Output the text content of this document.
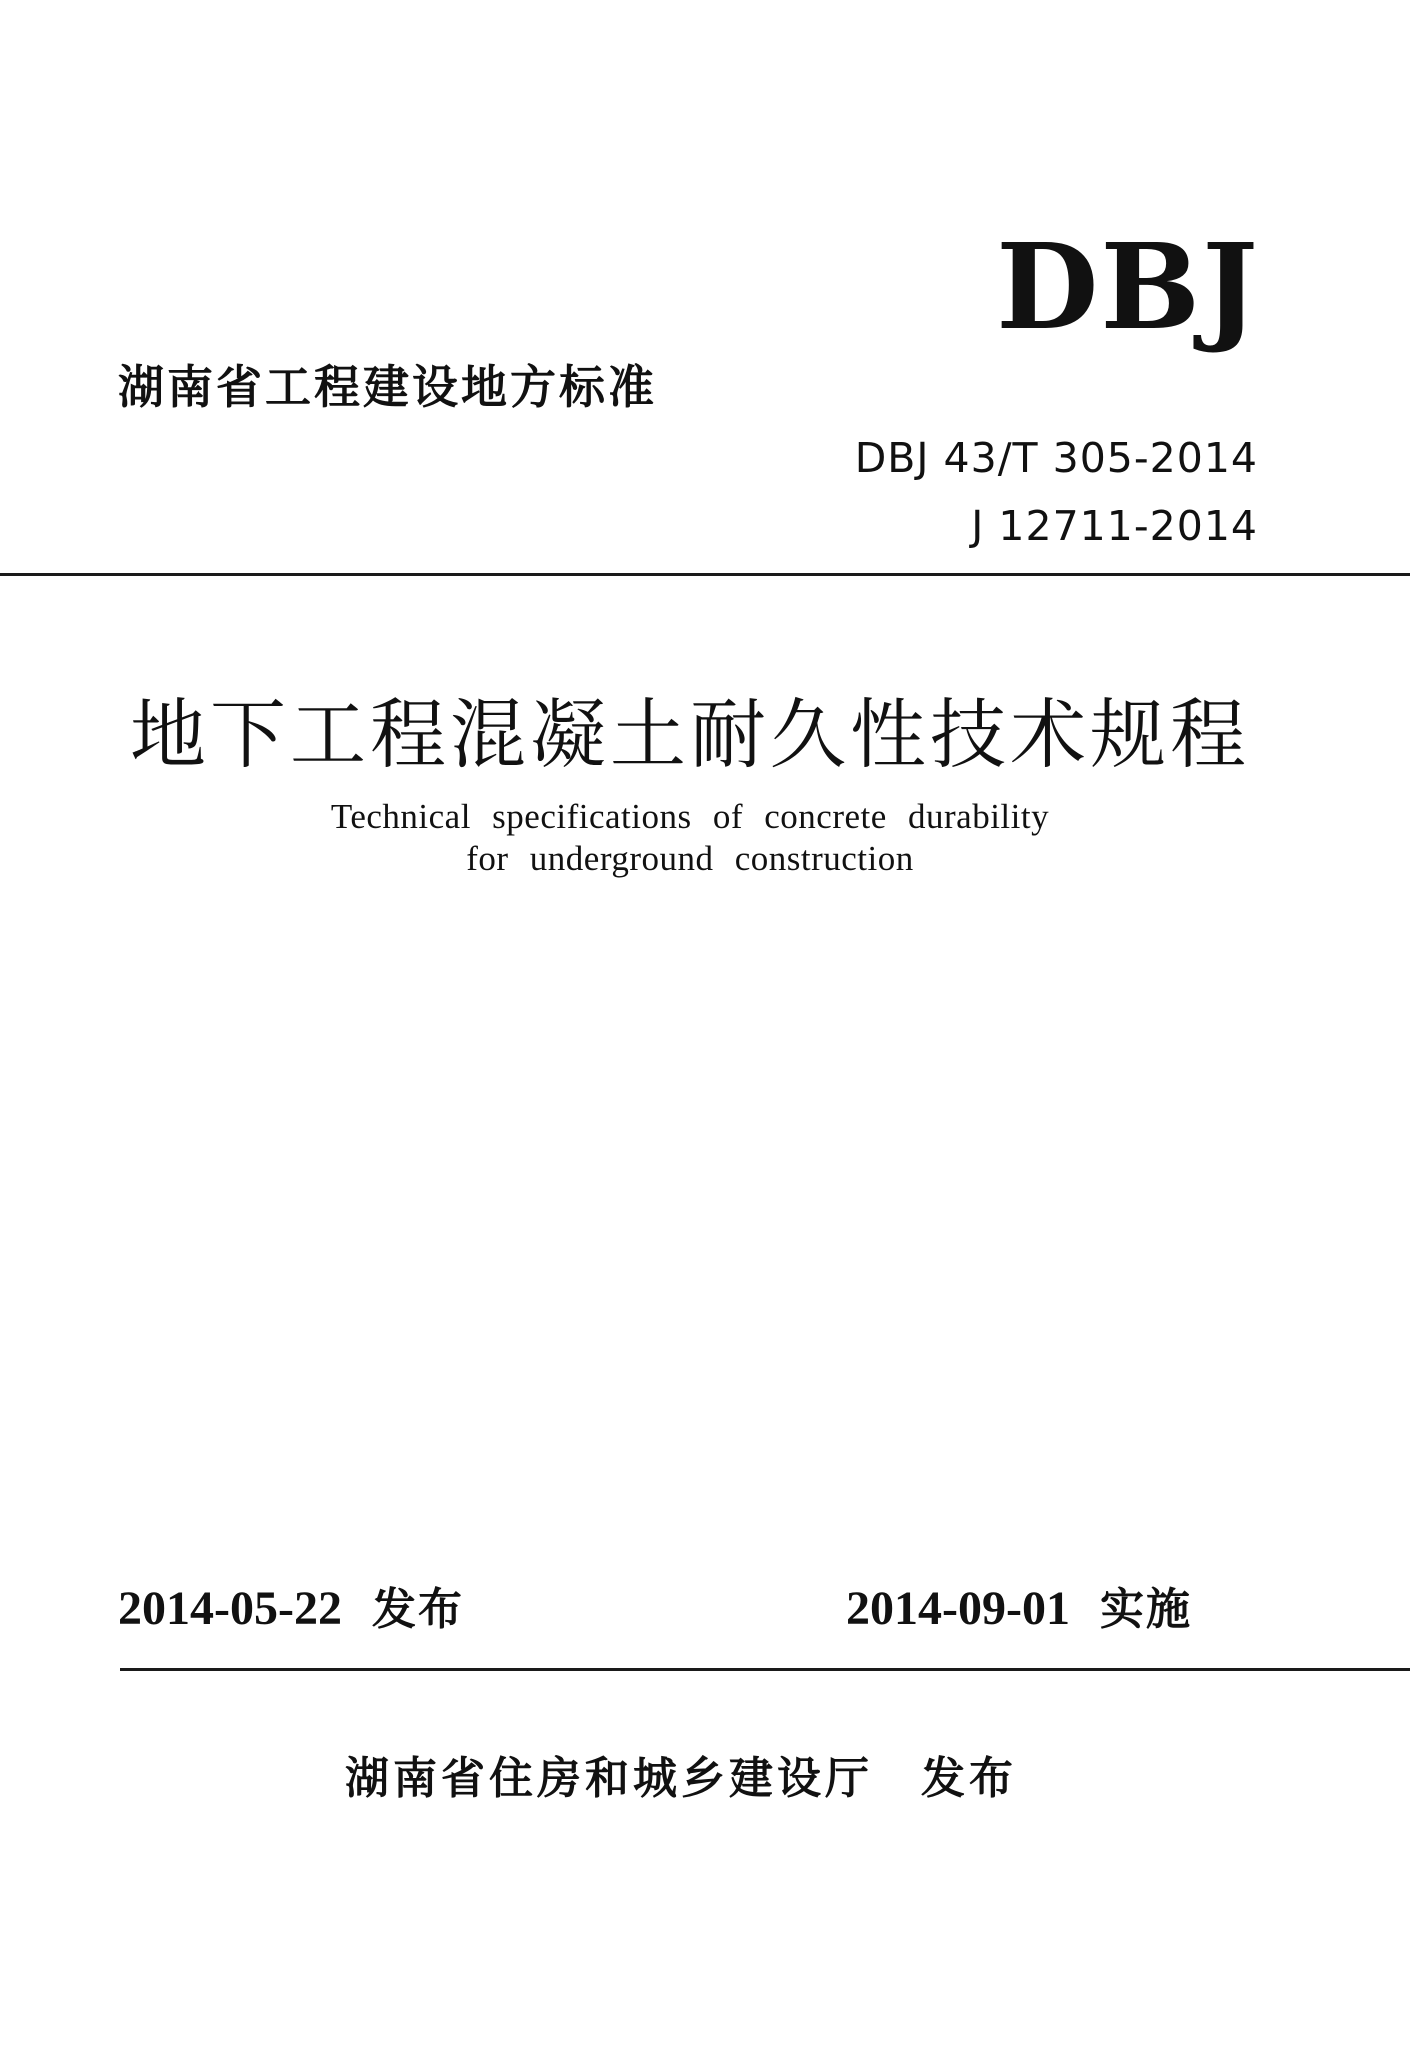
DBJ
湖南省工程建设地方标准
DBJ 43/T 305-2014
J 12711-2014
地下工程混凝土耐久性技术规程
Technical specifications of concrete durability
for underground construction
2014-05-22 发布	2014-09-01 实施
湖南省住房和城乡建设厅 发布
